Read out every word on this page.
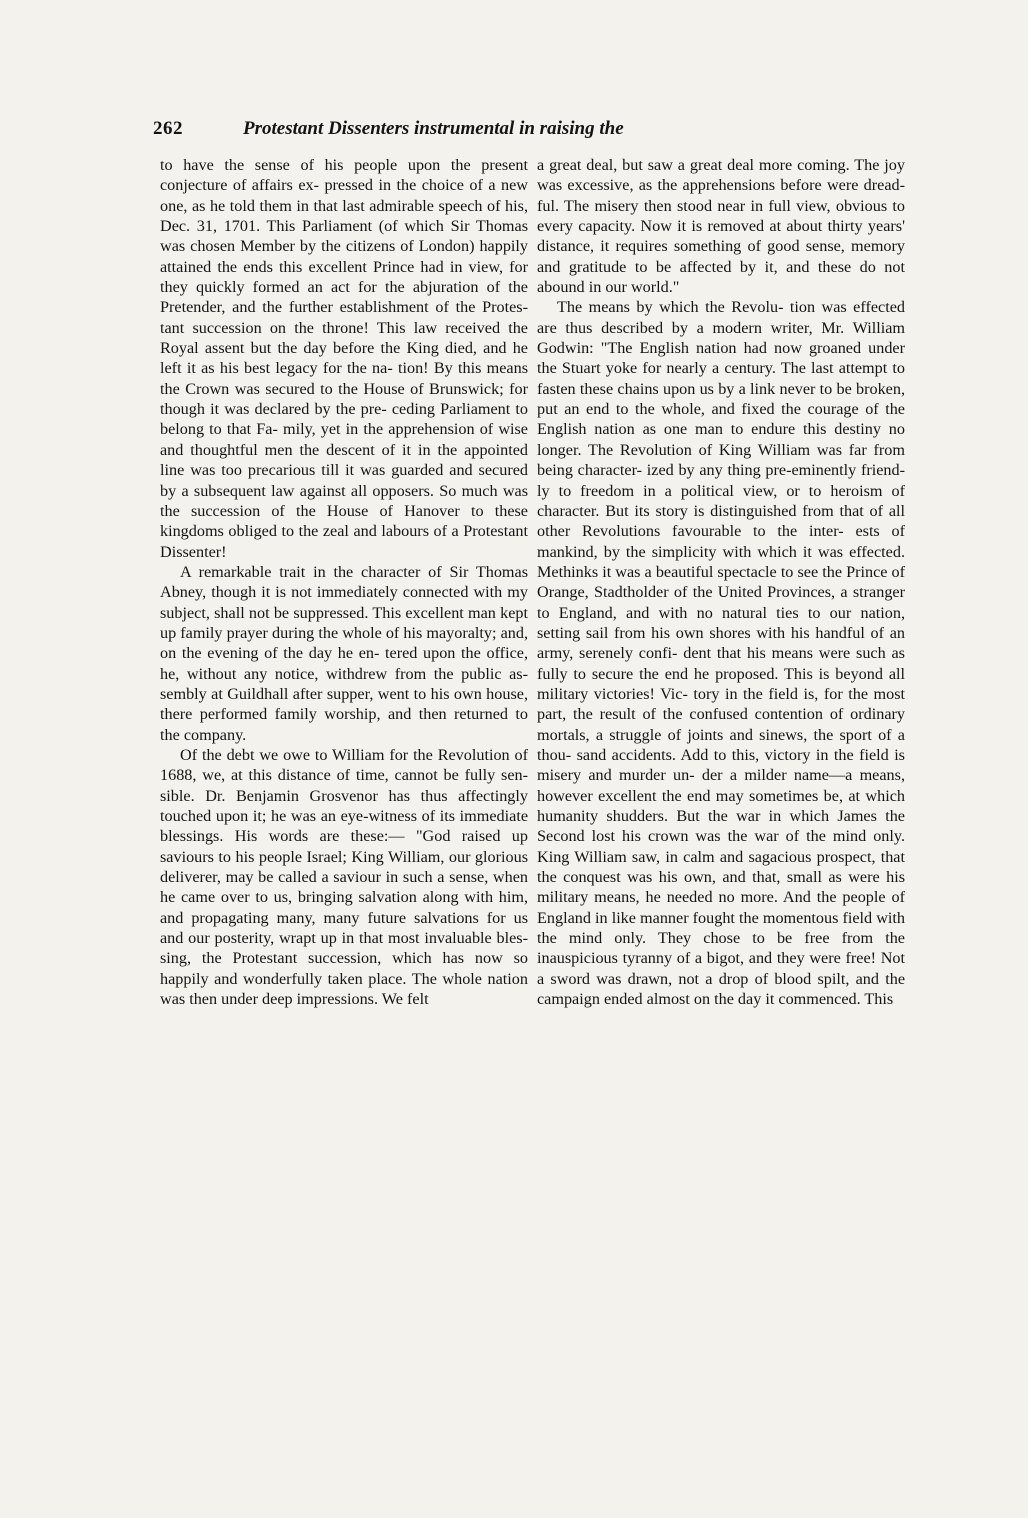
262	Protestant Dissenters instrumental in raising the

to have the sense of his people upon the present conjecture of affairs ex- pressed in the choice of a new one, as he told them in that last admirable speech of his, Dec. 31, 1701. This Parliament (of which Sir Thomas was chosen Member by the citizens of London) happily attained the ends this excellent Prince had in view, for they quickly formed an act for the abjuration of the Pretender, and the further establishment of the Protes- tant succession on the throne! This law received the Royal assent but the day before the King died, and he left it as his best legacy for the na- tion! By this means the Crown was secured to the House of Brunswick; for though it was declared by the pre- ceding Parliament to belong to that Fa- mily, yet in the apprehension of wise and thoughtful men the descent of it in the appointed line was too precarious till it was guarded and secured by a subsequent law against all opposers. So much was the succession of the House of Hanover to these kingdoms obliged to the zeal and labours of a Protestant Dissenter!

A remarkable trait in the character of Sir Thomas Abney, though it is not immediately connected with my subject, shall not be suppressed. This excellent man kept up family prayer during the whole of his mayoralty; and, on the evening of the day he en- tered upon the office, he, without any notice, withdrew from the public as- sembly at Guildhall after supper, went to his own house, there performed family worship, and then returned to the company.

Of the debt we owe to William for the Revolution of 1688, we, at this distance of time, cannot be fully sen- sible. Dr. Benjamin Grosvenor has thus affectingly touched upon it; he was an eye-witness of its immediate blessings. His words are these:— "God raised up saviours to his people Israel; King William, our glorious deliverer, may be called a saviour in such a sense, when he came over to us, bringing salvation along with him, and propagating many, many future salvations for us and our posterity, wrapt up in that most invaluable bles- sing, the Protestant succession, which has now so happily and wonderfully taken place. The whole nation was then under deep impressions. We felt

a great deal, but saw a great deal more coming. The joy was excessive, as the apprehensions before were dread- ful. The misery then stood near in full view, obvious to every capacity. Now it is removed at about thirty years' distance, it requires something of good sense, memory and gratitude to be affected by it, and these do not abound in our world."

The means by which the Revolu- tion was effected are thus described by a modern writer, Mr. William Godwin: "The English nation had now groaned under the Stuart yoke for nearly a century. The last attempt to fasten these chains upon us by a link never to be broken, put an end to the whole, and fixed the courage of the English nation as one man to endure this destiny no longer. The Revolution of King William was far from being character- ized by any thing pre-eminently friend- ly to freedom in a political view, or to heroism of character. But its story is distinguished from that of all other Revolutions favourable to the inter- ests of mankind, by the simplicity with which it was effected. Methinks it was a beautiful spectacle to see the Prince of Orange, Stadtholder of the United Provinces, a stranger to England, and with no natural ties to our nation, setting sail from his own shores with his handful of an army, serenely confi- dent that his means were such as fully to secure the end he proposed. This is beyond all military victories! Vic- tory in the field is, for the most part, the result of the confused contention of ordinary mortals, a struggle of joints and sinews, the sport of a thou- sand accidents. Add to this, victory in the field is misery and murder un- der a milder name—a means, however excellent the end may sometimes be, at which humanity shudders. But the war in which James the Second lost his crown was the war of the mind only. King William saw, in calm and sagacious prospect, that the conquest was his own, and that, small as were his military means, he needed no more. And the people of England in like manner fought the momentous field with the mind only. They chose to be free from the inauspicious tyranny of a bigot, and they were free! Not a sword was drawn, not a drop of blood spilt, and the campaign ended almost on the day it commenced. This
